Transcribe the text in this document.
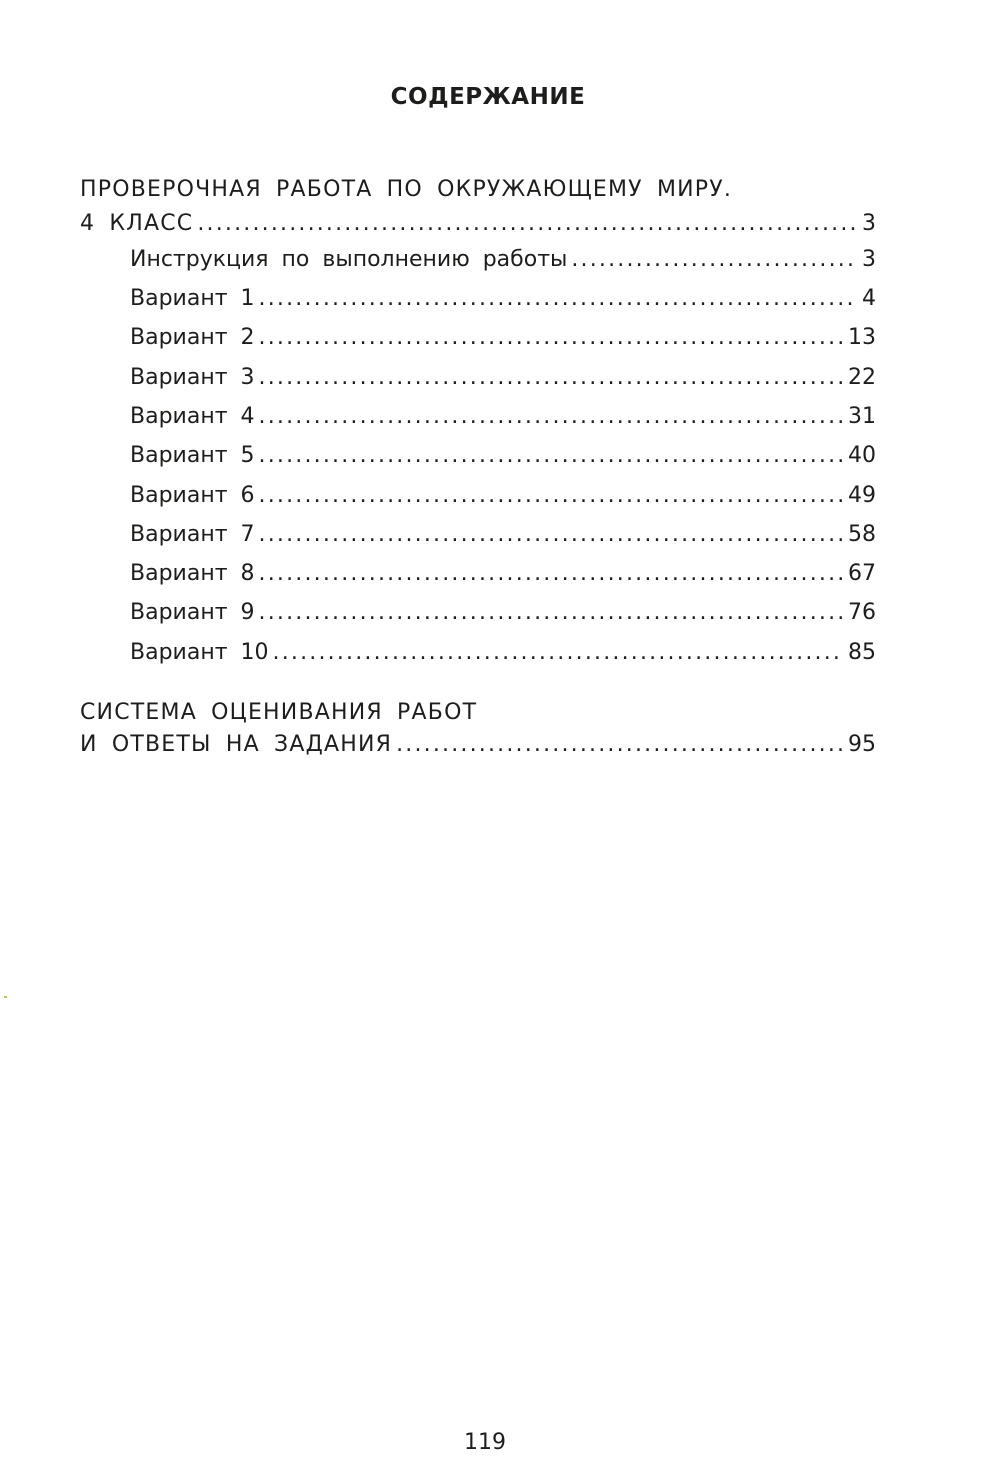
СОДЕРЖАНИЕ
ПРОВЕРОЧНАЯ РАБОТА ПО ОКРУЖАЮЩЕМУ МИРУ.
4 КЛАСС . . .	3
Инструкция по выполнению работы . . .	3
Вариант 1 . . .	4
Вариант 2 . . .	13
Вариант 3 . . .	22
Вариант 4 . . .	31
Вариант 5 . . .	40
Вариант 6 . . .	49
Вариант 7 . . .	58
Вариант 8 . . .	67
Вариант 9 . . .	76
Вариант 10 . . .	85
СИСТЕМА ОЦЕНИВАНИЯ РАБОТ
И ОТВЕТЫ НА ЗАДАНИЯ . . .	95
119
